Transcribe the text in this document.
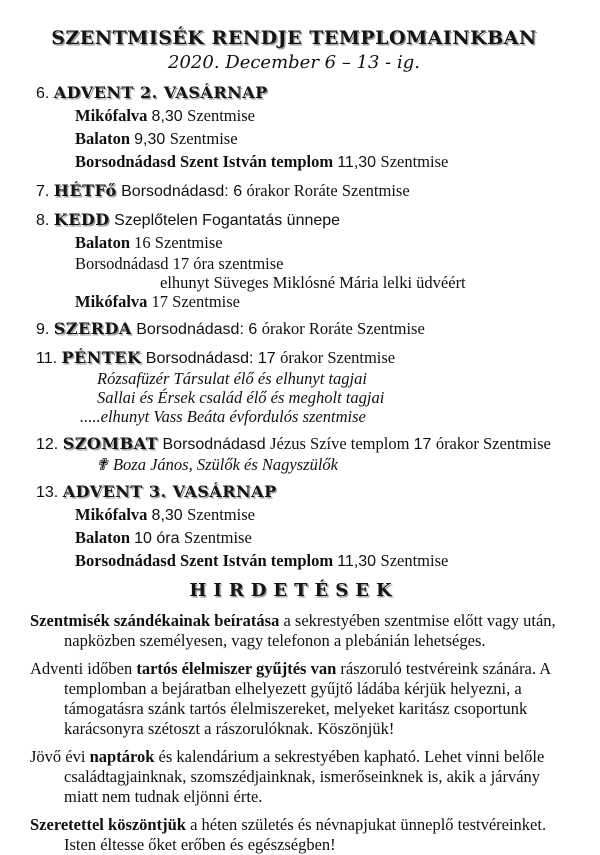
SZENTMISÉK RENDJE TEMPLOMAINKBAN
2020. December 6 – 13 - ig.
6. ADVENT 2. VASÁRNAP
Mikófalva 8,30 Szentmise
Balaton 9,30 Szentmise
Borsodnádasd Szent István templom 11,30 Szentmise
7. HÉTFő Borsodnádasd: 6 órakor Roráte Szentmise
8. KEDD Szeplőtelen Fogantatás ünnepe
Balaton 16 Szentmise
Borsodnádasd 17 óra szentmise
elhunyt Süveges Miklósné Mária lelki üdvéért
Mikófalva 17 Szentmise
9. SZERDA Borsodnádasd: 6 órakor Roráte Szentmise
11. PÉNTEK Borsodnádasd: 17 órakor Szentmise
Rózsafüzér Társulat élő és elhunyt tagjai
Sallai és Érsek család élő és megholt tagjai
.....elhunyt Vass Beáta évfordulós szentmise
12. SZOMBAT Borsodnádasd Jézus Szíve templom 17 órakor Szentmise
✟ Boza János, Szülők és Nagyszülők
13. ADVENT 3. VASÁRNAP
Mikófalva 8,30 Szentmise
Balaton 10 óra Szentmise
Borsodnádasd Szent István templom 11,30 Szentmise
HIRDETÉSEK

Szentmisék szándékainak beíratása a sekrestyében szentmise előtt vagy után, napközben személyesen, vagy telefonon a plebánián lehetséges.

Adventi időben tartós élelmiszer gyűjtés van rászoruló testvéreink szánára. A templomban a bejáratban elhelyezett gyűjtő ládába kérjük helyezni, a támogatásra szánk tartós élelmiszereket, melyeket karitász csoportunk karácsonyra szétoszt a rászorulóknak. Köszönjük!

Jövő évi naptárok és kalendárium a sekrestyében kapható. Lehet vinni belőle családtagjainknak, szomszédjainknak, ismerőseinknek is, akik a járvány miatt nem tudnak eljönni érte.

Szeretettel köszöntjük a héten születés és névnapjukat ünneplő testvéreinket. Isten éltesse őket erőben és egészségben!
